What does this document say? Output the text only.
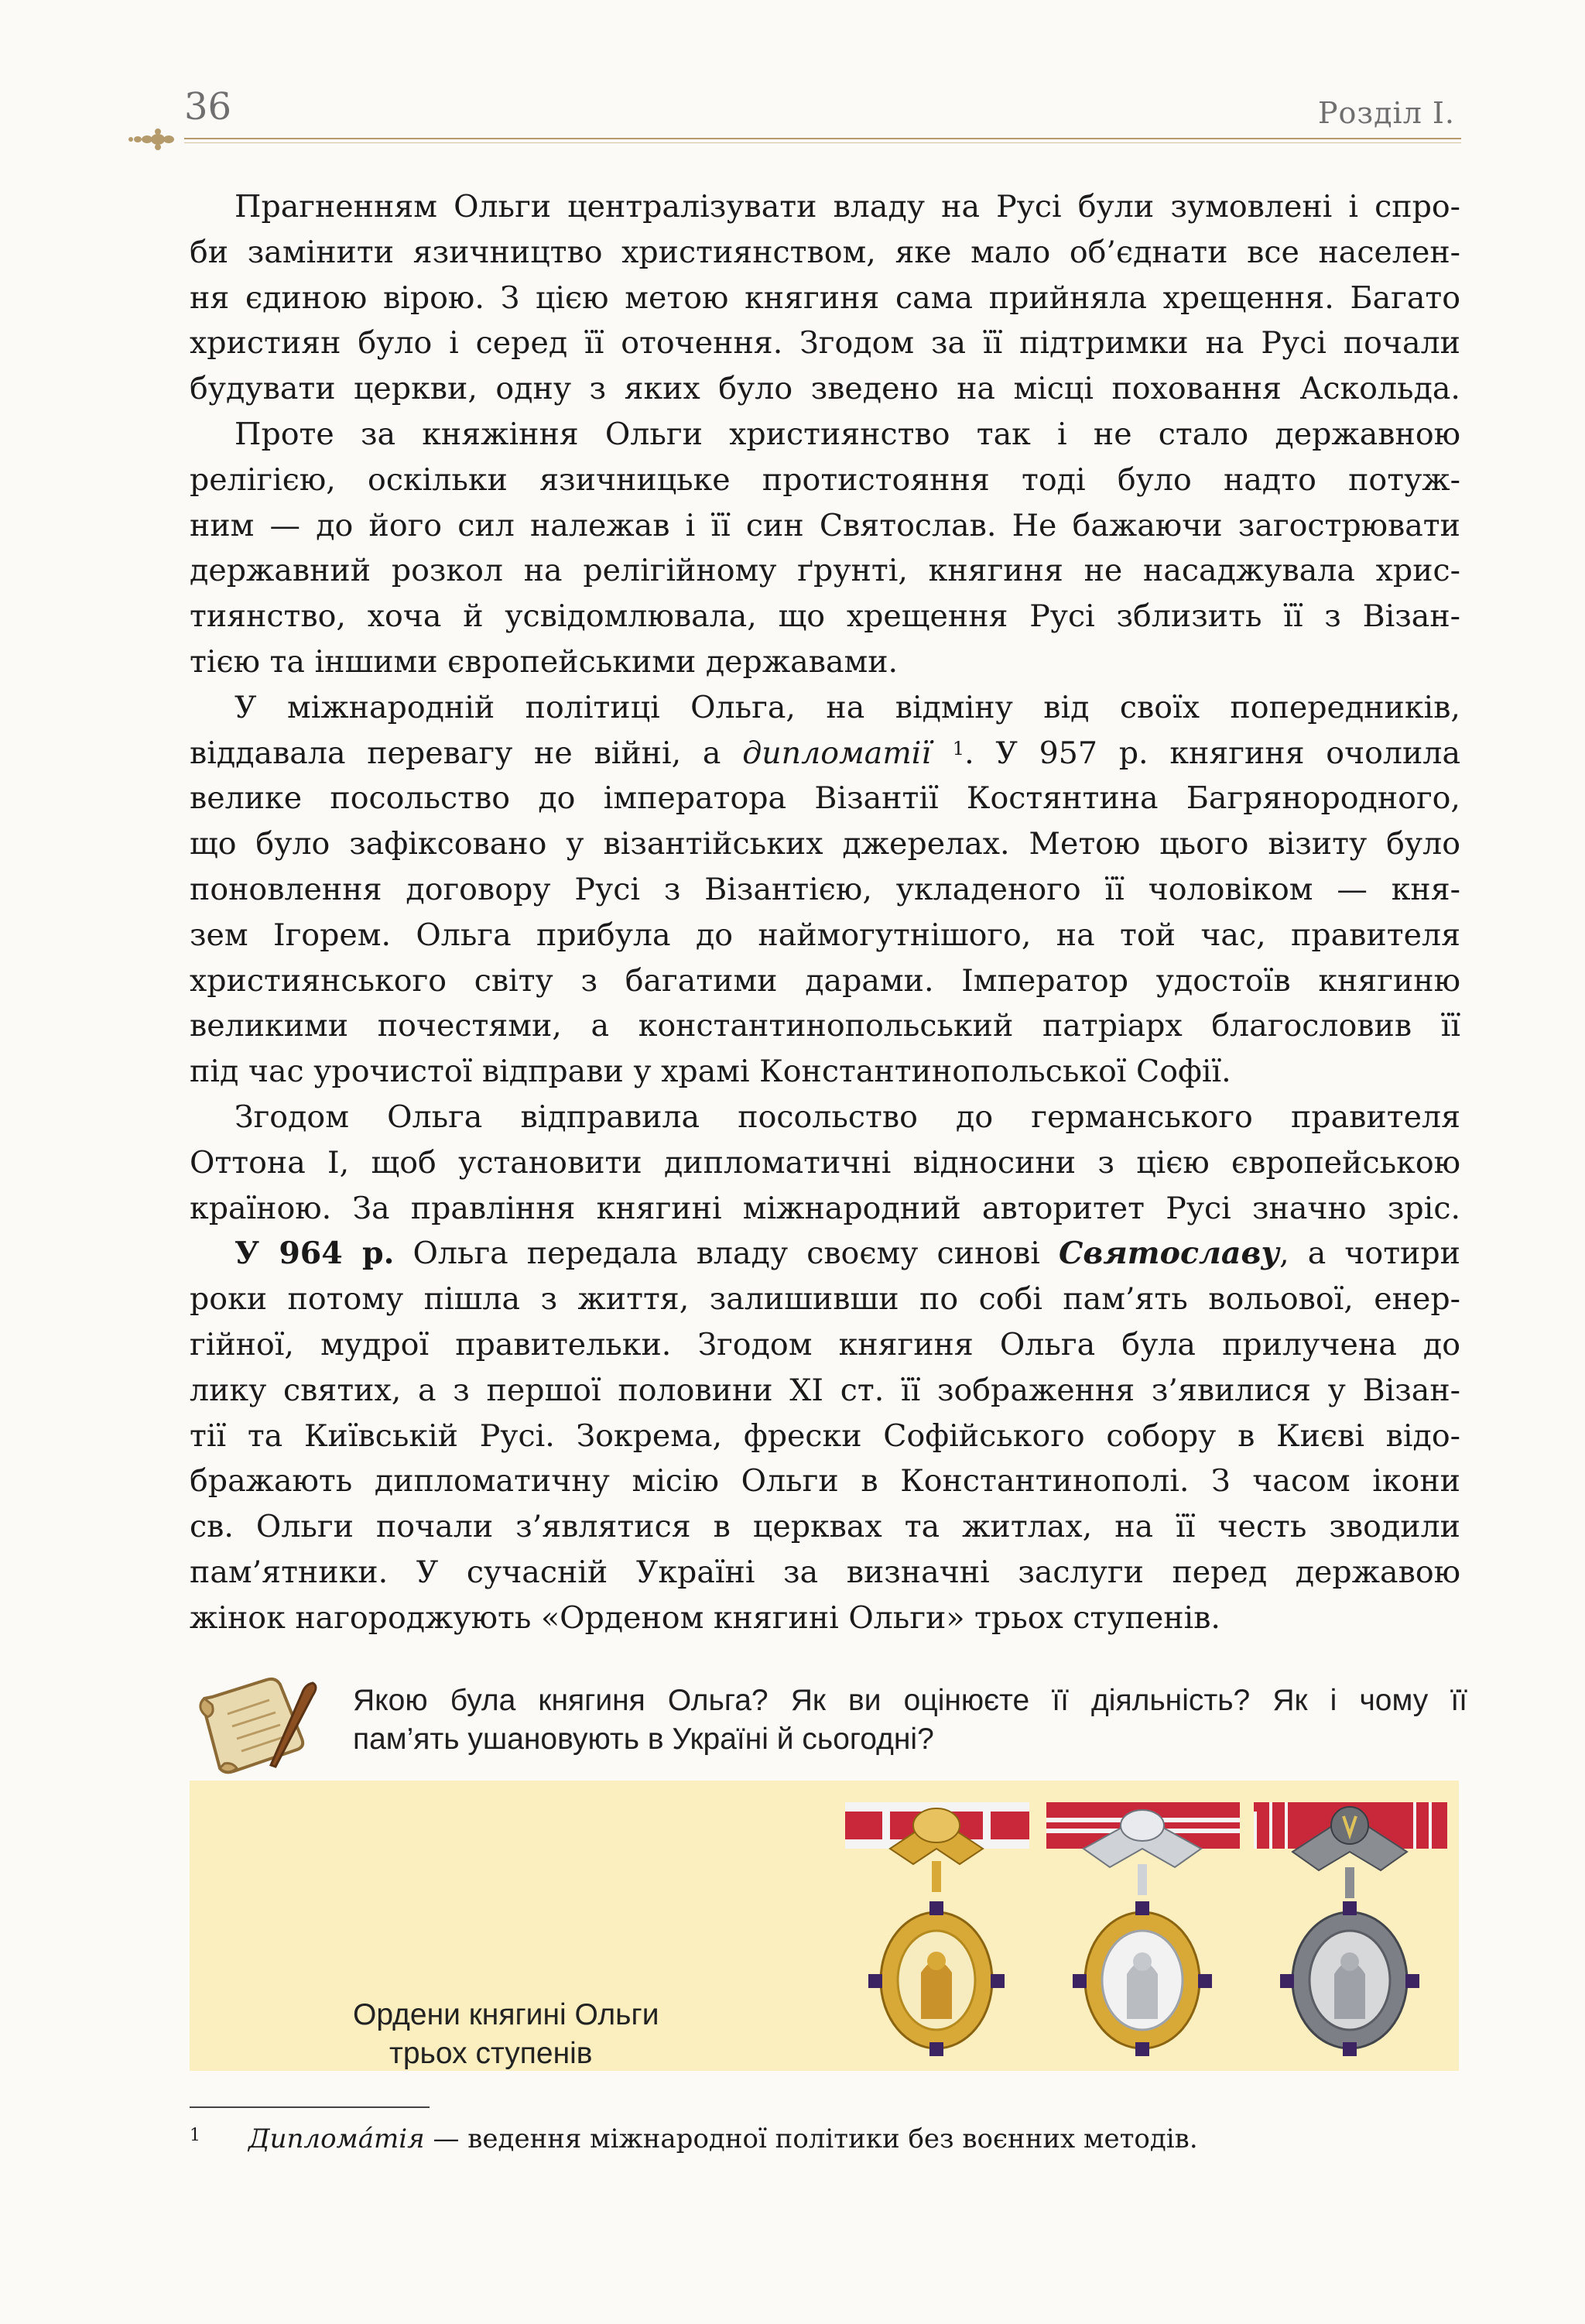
36	Розділ І.

Прагненням Ольги централізувати владу на Русі були зумовлені і спро-
би замінити язичництво християнством, яке мало об’єднати все населен-
ня єдиною вірою. З цією метою княгиня сама прийняла хрещення. Багато
християн було і серед її оточення. Згодом за її підтримки на Русі почали
будувати церкви, одну з яких було зведено на місці поховання Аскольда.

Проте за княжіння Ольги християнство так і не стало державною
релігією, оскільки язичницьке протистояння тоді було надто потуж-
ним — до його сил належав і її син Святослав. Не бажаючи загострювати
державний розкол на релігійному ґрунті, княгиня не насаджувала хрис-
тиянство, хоча й усвідомлювала, що хрещення Русі зблизить її з Візан-
тією та іншими європейськими державами.

У міжнародній політиці Ольга, на відміну від своїх попередників,
віддавала перевагу не війні, а дипломатії $^1$. У 957 р. княгиня очолила
велике посольство до імператора Візантії Костянтина Багрянородного,
що було зафіксовано у візантійських джерелах. Метою цього візиту було
поновлення договору Русі з Візантією, укладеного її чоловіком — кня-
зем Ігорем. Ольга прибула до наймогутнішого, на той час, правителя
християнського світу з багатими дарами. Імператор удостоїв княгиню
великими почестями, а константинопольський патріарх благословив її
під час урочистої відправи у храмі Константинопольської Софії.

Згодом Ольга відправила посольство до германського правителя
Оттона І, щоб установити дипломатичні відносини з цією європейською
країною. За правління княгині міжнародний авторитет Русі значно зріс.

У 964 р. Ольга передала владу своєму синові Святославу, а чотири
роки потому пішла з життя, залишивши по собі пам’ять вольової, енер-
гійної, мудрої правительки. Згодом княгиня Ольга була прилучена до
лику святих, а з першої половини ХІ ст. її зображення з’явилися у Візан-
тії та Київській Русі. Зокрема, фрески Софійського собору в Києві відо-
бражають дипломатичну місію Ольги в Константинополі. З часом ікони
св. Ольги почали з’являтися в церквах та житлах, на її честь зводили
пам’ятники. У сучасній Україні за визначні заслуги перед державою
жінок нагороджують «Орденом княгині Ольги» трьох ступенів.

Якою була княгиня Ольга? Як ви оцінюєте її діяльність? Як і чому її
пам’ять ушановують в Україні й сьогодні?
Ордени княгині Ольги
трьох ступенів
$^1$ Диплома́тія — ведення міжнародної політики без воєнних методів.
